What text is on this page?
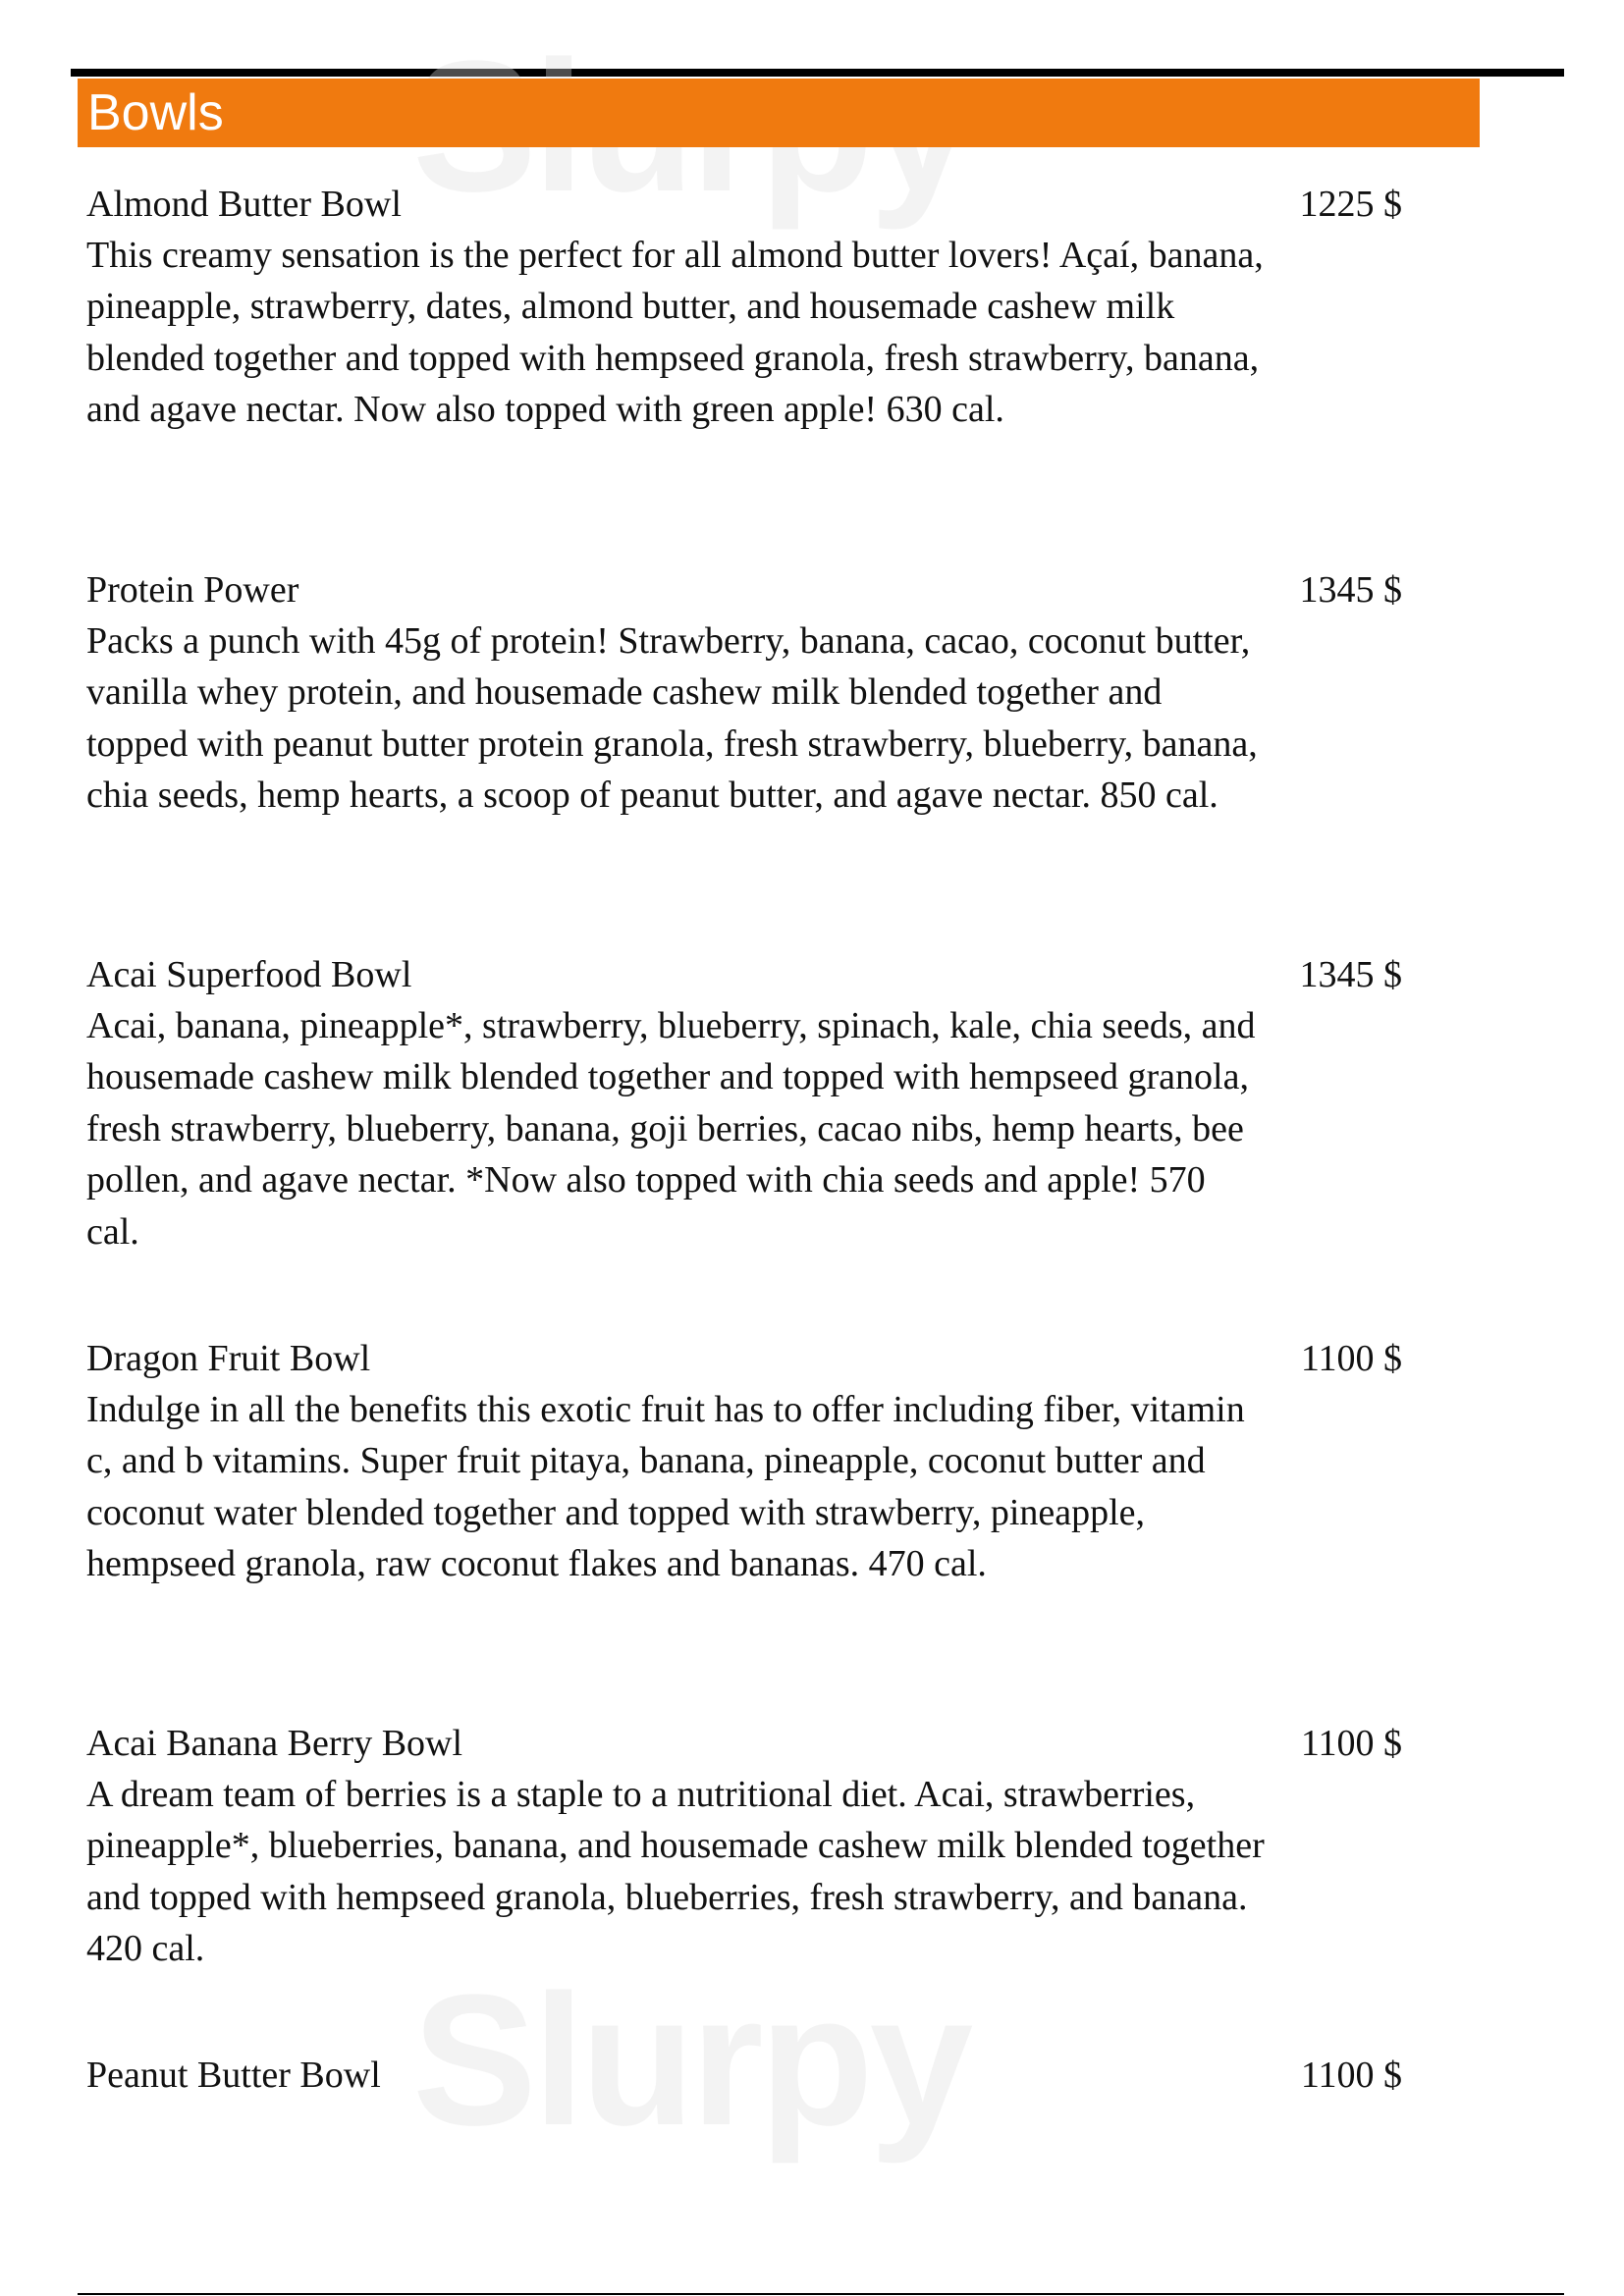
Slurpy
Bowls

Almond Butter Bowl

This creamy sensation is the perfect for all almond butter lovers! Açaí, banana, pineapple, strawberry, dates, almond butter, and housemade cashew milk blended together and topped with hempseed granola, fresh strawberry, banana, and agave nectar. Now also topped with green apple! 630 cal.

1225 $

Protein Power

Packs a punch with 45g of protein! Strawberry, banana, cacao, coconut butter, vanilla whey protein, and housemade cashew milk blended together and topped with peanut butter protein granola, fresh strawberry, blueberry, banana, chia seeds, hemp hearts, a scoop of peanut butter, and agave nectar. 850 cal.

1345 $

Acai Superfood Bowl

Acai, banana, pineapple*, strawberry, blueberry, spinach, kale, chia seeds, and housemade cashew milk blended together and topped with hempseed granola, fresh strawberry, blueberry, banana, goji berries, cacao nibs, hemp hearts, bee pollen, and agave nectar. *Now also topped with chia seeds and apple! 570 cal.

1345 $

Dragon Fruit Bowl

Indulge in all the benefits this exotic fruit has to offer including fiber, vitamin c, and b vitamins. Super fruit pitaya, banana, pineapple, coconut butter and coconut water blended together and topped with strawberry, pineapple, hempseed granola, raw coconut flakes and bananas. 470 cal.

1100 $

Acai Banana Berry Bowl

A dream team of berries is a staple to a nutritional diet. Acai, strawberries, pineapple*, blueberries, banana, and housemade cashew milk blended together and topped with hempseed granola, blueberries, fresh strawberry, and banana. 420 cal.

1100 $

Peanut Butter Bowl	1100 $
